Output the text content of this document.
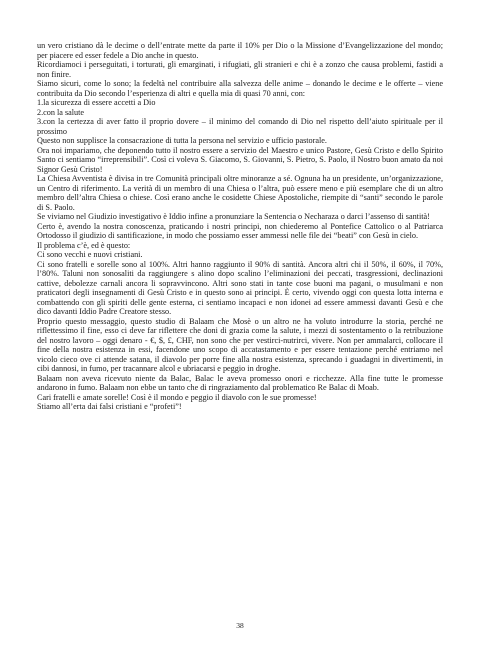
un vero cristiano dà le decime o dell’entrate mette da parte il 10% per Dio o la Missione d’Evangelizzazione del mondo; per piacere ed esser fedele a Dio anche in questo.

Ricordiamoci i perseguitati, i torturati, gli emarginati, i rifugiati, gli stranieri e chi è a zonzo che causa problemi, fastidi a non finire.

Siamo sicuri, come lo sono; la fedeltà nel contribuire alla salvezza delle anime – donando le decime e le offerte – viene contribuita da Dio secondo l’esperienza di altri e quella mia di quasi 70 anni, con:

1.la sicurezza di essere accetti a Dio

2.con la salute

3.con la certezza di aver fatto il proprio dovere – il minimo del comando di Dio nel rispetto dell’aiuto spirituale per il prossimo

Questo non supplisce la consacrazione di tutta la persona nel servizio e ufficio pastorale.

Ora noi impariamo, che deponendo tutto il nostro essere a servizio del Maestro e unico Pastore, Gesù Cristo e dello Spirito Santo ci sentiamo “irreprensibili”. Così ci voleva S. Giacomo, S. Giovanni, S. Pietro, S. Paolo, il Nostro buon amato da noi Signor Gesù Cristo!

La Chiesa Avventista è divisa in tre Comunità principali oltre minoranze a sé. Ognuna ha un presidente, un’organizzazione, un Centro di riferimento. La verità di un membro di una Chiesa o l’altra, può essere meno e più esemplare che di un altro membro dell’altra Chiesa o chiese. Così erano anche le cosidette Chiese Apostoliche, riempite di “santi” secondo le parole di S. Paolo.

Se viviamo nel Giudizio investigativo è Iddio infine a pronunziare la Sentencia o Necharaza o darci l’assenso di santità!

Certo è, avendo la nostra conoscenza, praticando i nostri principi, non chiederemo al Pontefice Cattolico o al Patriarca Ortodosso il giudizio di santificazione, in modo che possiamo esser ammessi nelle file dei “beati” con Gesù in cielo.

Il problema c’è, ed è questo:

Ci sono vecchi e nuovi cristiani.

Ci sono fratelli e sorelle sono al 100%. Altri hanno raggiunto il 90% di santità. Ancora altri chi il 50%, il 60%, il 70%, l’80%. Taluni non sonosaliti da raggiungere s alino dopo scalino l’eliminazioni dei peccati, trasgressioni, declinazioni cattive, debolezze carnali ancora li sopravvincono. Altri sono stati in tante cose buoni ma pagani, o musulmani e non praticatori degli insegnamenti di Gesù Cristo e in questo sono ai principi. È certo, vivendo oggi con questa lotta interna e combattendo con gli spiriti delle gente esterna, ci sentiamo incapaci e non idonei ad essere ammessi davanti Gesù e che dico davanti Iddio Padre Creatore stesso.

Proprio questo messaggio, questo studio di Balaam che Mosè o un altro ne ha voluto introdurre la storia, perché ne riflettessimo il fine, esso ci deve far riflettere che doni di grazia come la salute, i mezzi di sostentamento o la retribuzione del nostro lavoro – oggi denaro - €, $, £, CHF, non sono che per vestirci-nutrirci, vivere. Non per ammalarci, collocare il fine della nostra esistenza in essi, facendone uno scopo di accatastamento e per essere tentazione perché entriamo nel vicolo cieco ove ci attende satana, il diavolo per porre fine alla nostra esistenza, sprecando i guadagni in divertimenti, in cibi dannosi, in fumo, per tracannare alcol e ubriacarsi e peggio in droghe.

Balaam non aveva ricevuto niente da Balac, Balac le aveva promesso onori e ricchezze. Alla fine tutte le promesse andarono in fumo. Balaam non ebbe un tanto che di ringraziamento dal problematico Re Balac di Moab.

Cari fratelli e amate sorelle! Così è il mondo e peggio il diavolo con le sue promesse!

Stiamo all’erta dai falsi cristiani e “profeti”!

38
